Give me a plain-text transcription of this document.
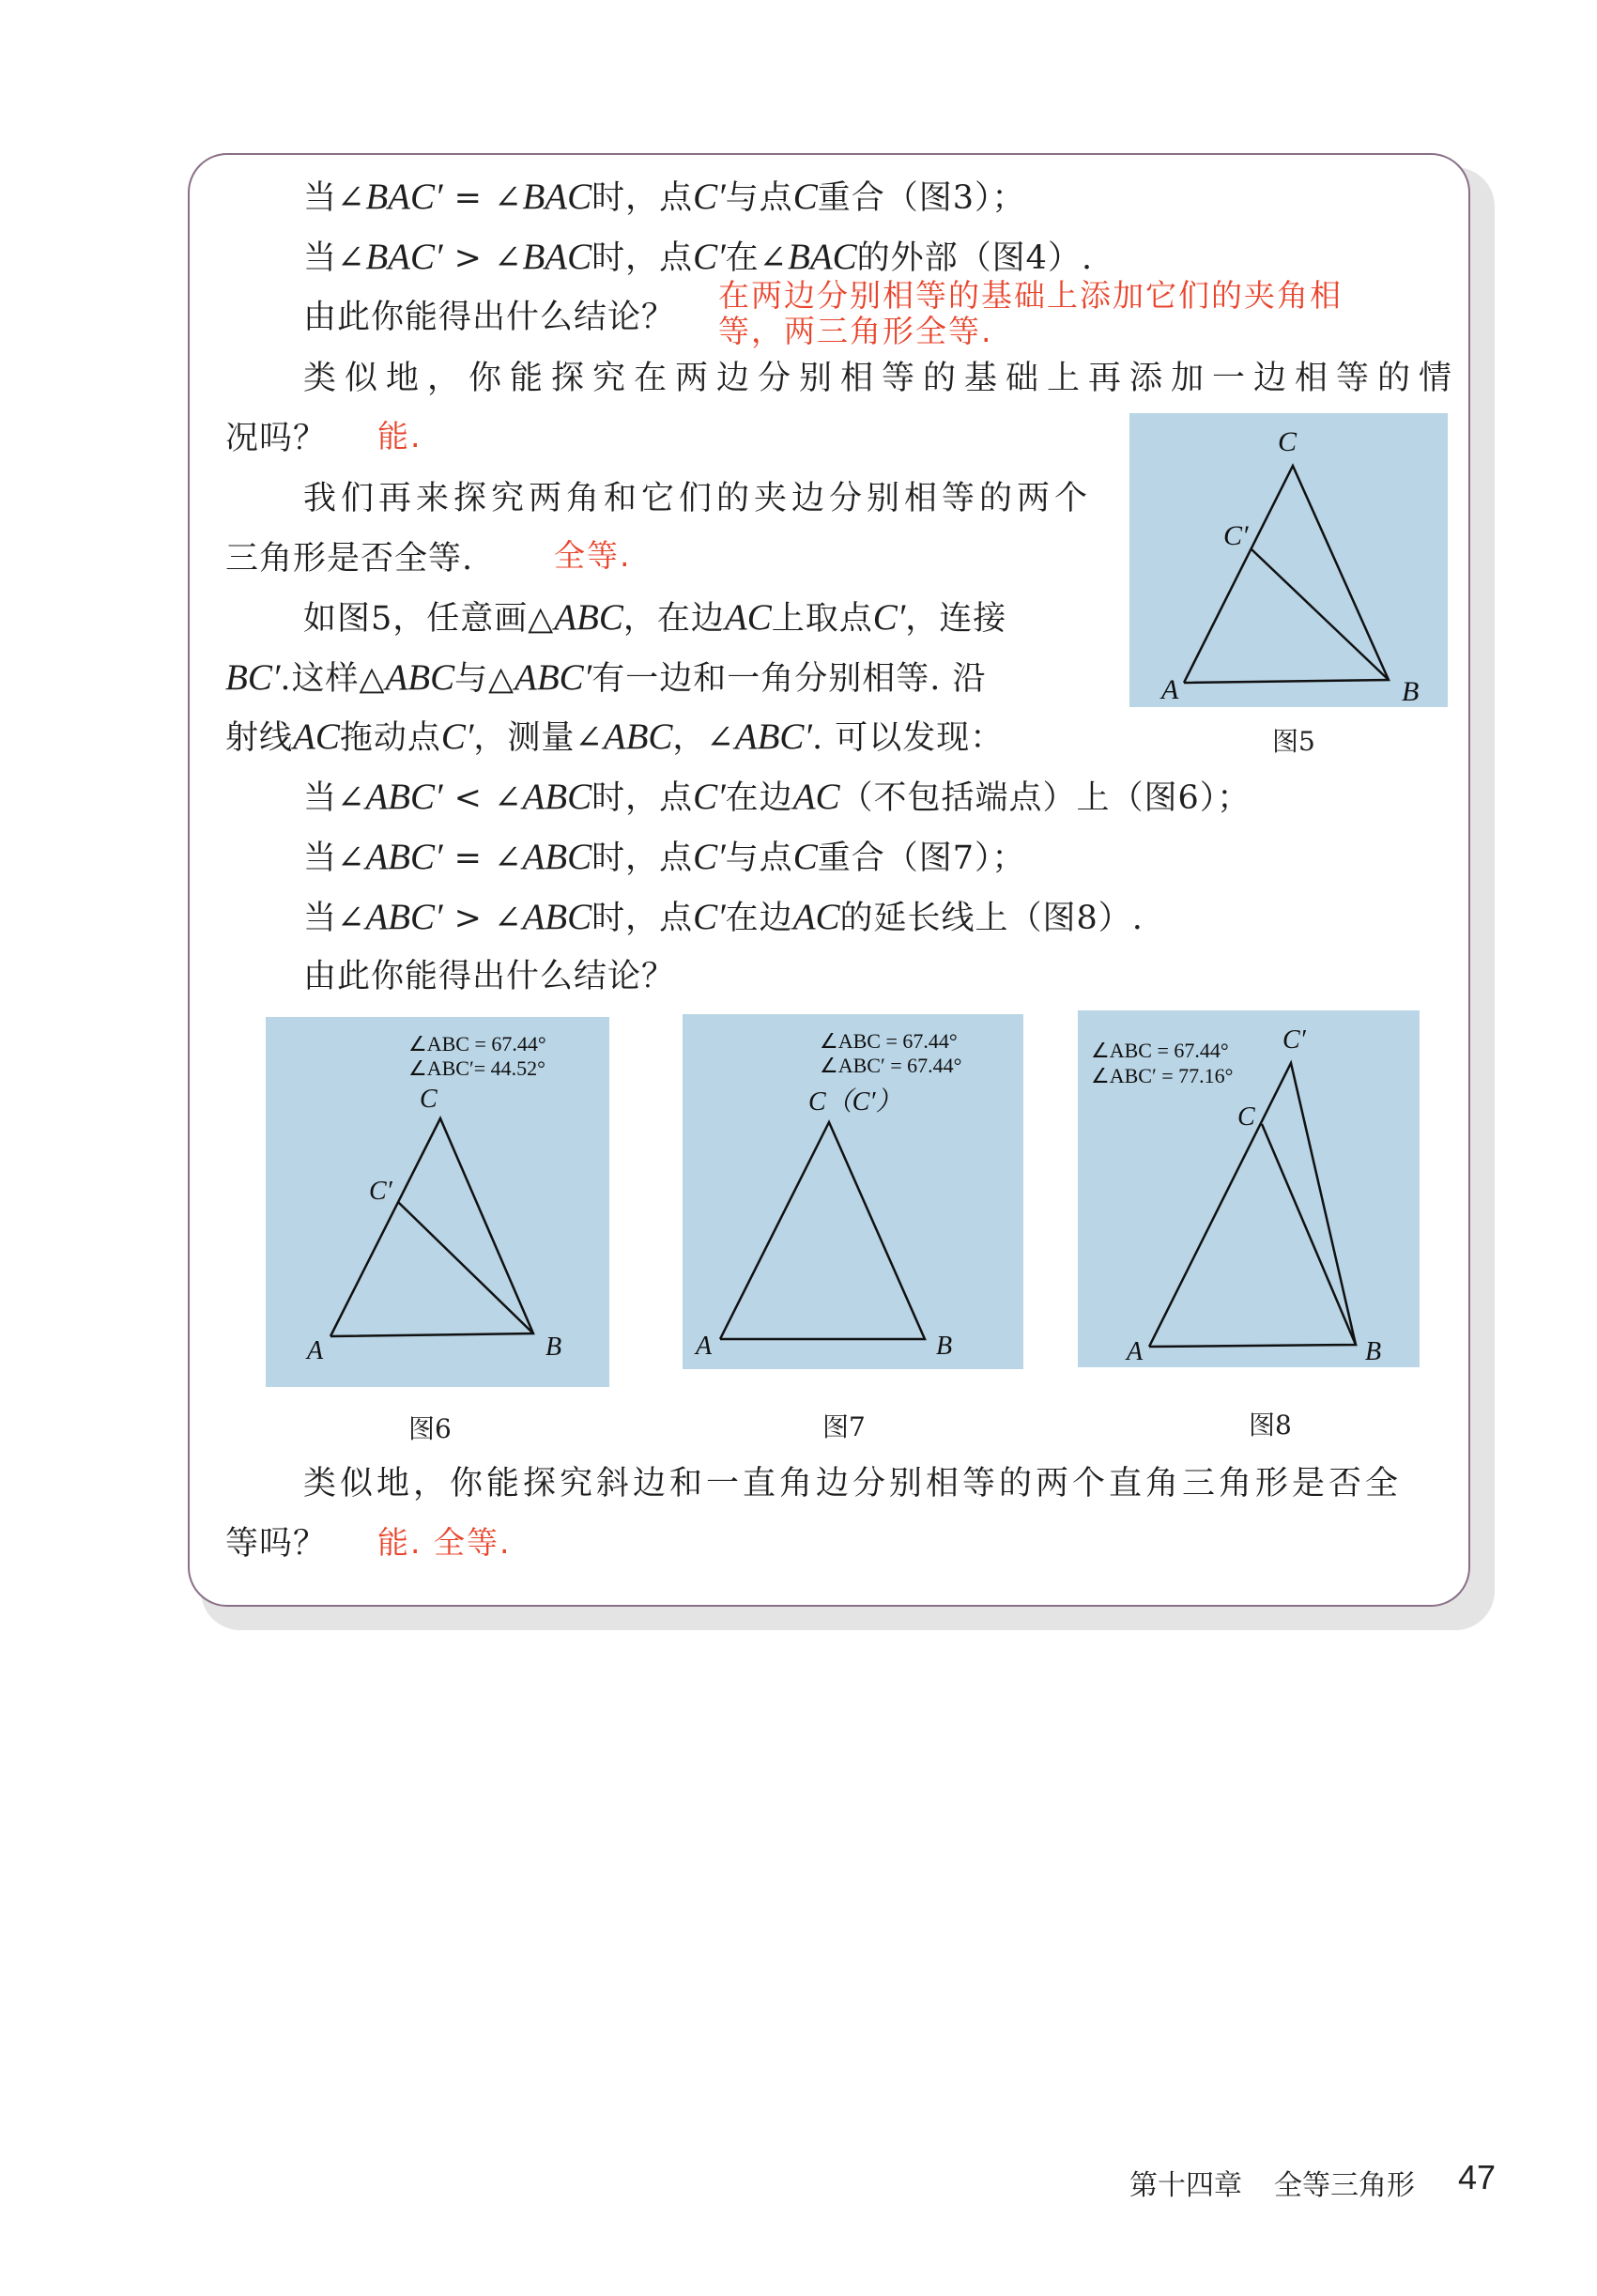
当∠BAC′ = ∠BAC时，点C′与点C重合（图3）；
当∠BAC′ > ∠BAC时，点C′在∠BAC的外部（图4）.
由此你能得出什么结论？
在两边分别相等的基础上添加它们的夹角相
等，两三角形全等.
类似地，你能探究在两边分别相等的基础上再添加一边相等的情
况吗？ 能.
我们再来探究两角和它们的夹边分别相等的两个
三角形是否全等.	全等.
如图5，任意画△ABC，在边AC上取点C′，连接
BC′.这样△ABC与△ABC′有一边和一角分别相等. 沿
射线AC拖动点C′，测量∠ABC，∠ABC′. 可以发现：
A	B
C
C′
图5
当∠ABC′ < ∠ABC时，点C′在边AC（不包括端点）上（图6）；
当∠ABC′ = ∠ABC时，点C′与点C重合（图7）；
当∠ABC′ > ∠ABC时，点C′在边AC的延长线上（图8）.
由此你能得出什么结论？
∠ABC = 67.44°
∠ABC′= 44.52°
A	B
C
C′
图6
∠ABC = 67.44°
∠ABC′ = 67.44°
A	B
C（C′）
图7
∠ABC = 67.44°
∠ABC′ = 77.16°
A	B
C
C′
图8
类似地，你能探究斜边和一直角边分别相等的两个直角三角形是否全
等吗？ 能. 全等.
第十四章 全等三角形	47
